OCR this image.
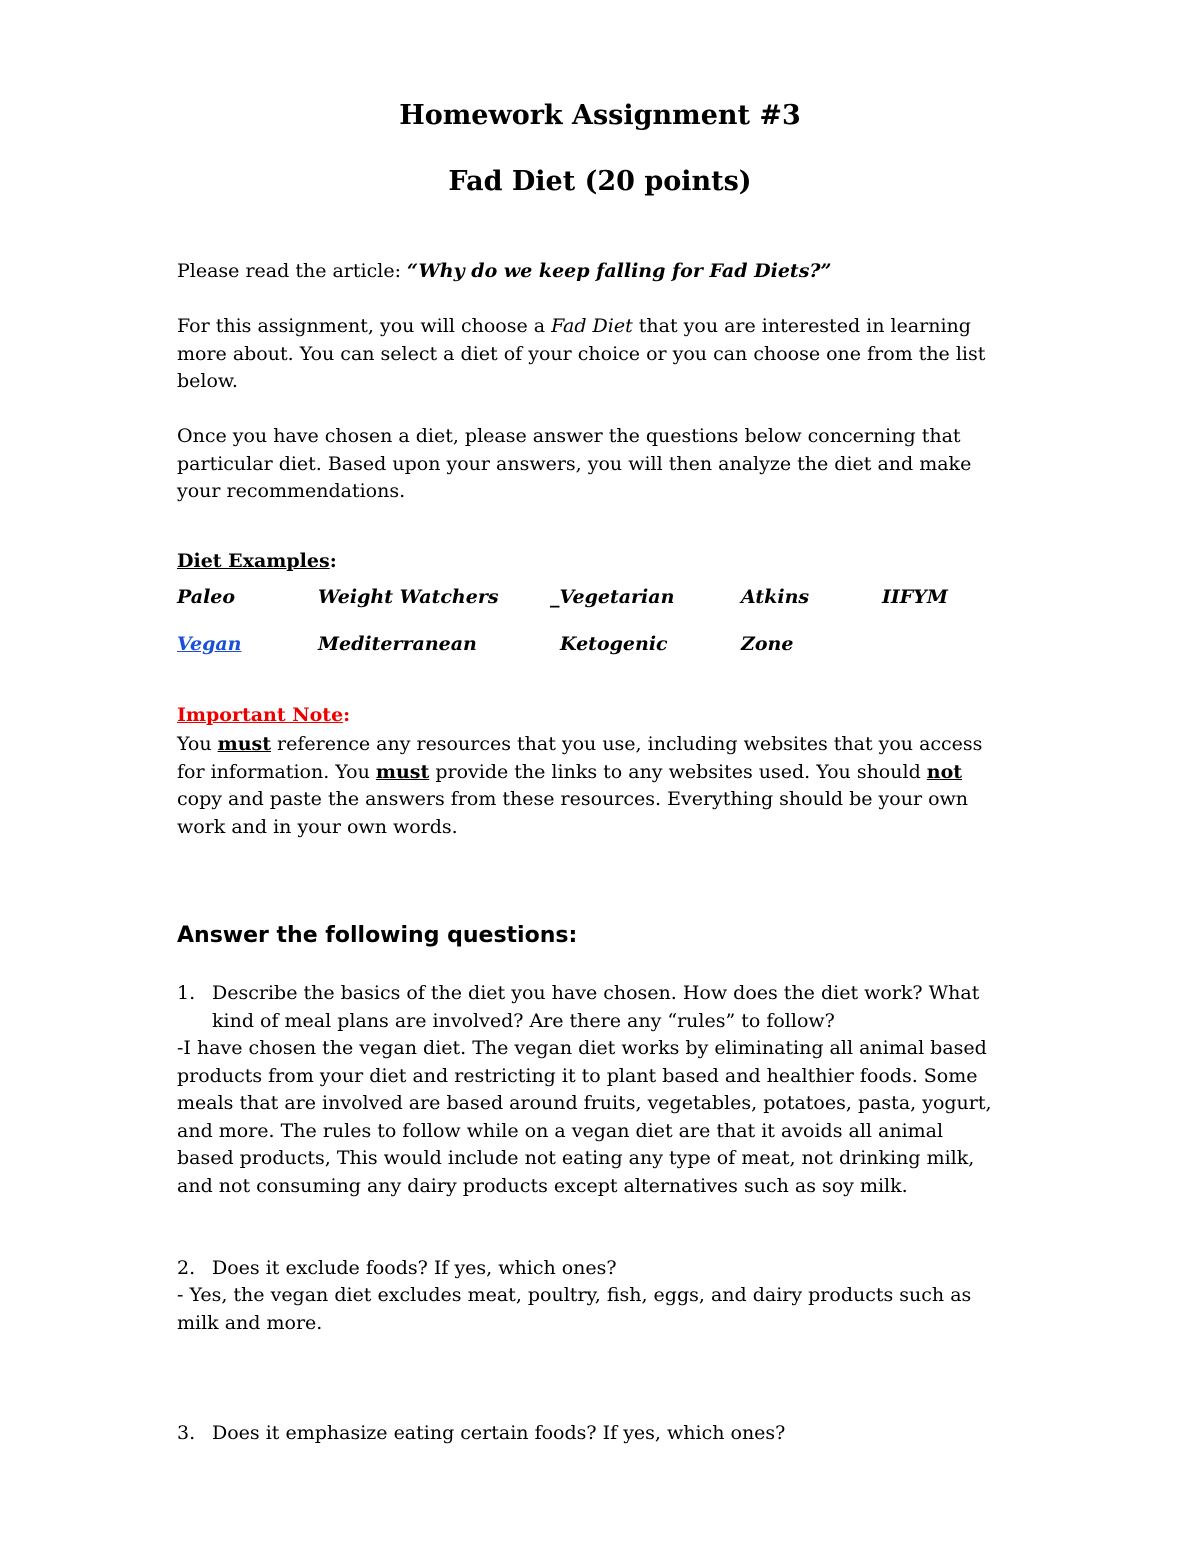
Homework Assignment #3
Fad Diet (20 points)
Please read the article: “Why do we keep falling for Fad Diets?”
For this assignment, you will choose a Fad Diet that you are interested in learning
more about. You can select a diet of your choice or you can choose one from the list
below.
Once you have chosen a diet, please answer the questions below concerning that
particular diet. Based upon your answers, you will then analyze the diet and make
your recommendations.
Diet Examples:
Paleo	Weight Watchers	_Vegetarian	Atkins	IIFYM
Vegan	Mediterranean	Ketogenic	Zone
Important Note:
You must reference any resources that you use, including websites that you access
for information. You must provide the links to any websites used. You should not
copy and paste the answers from these resources. Everything should be your own
work and in your own words.
Answer the following questions:
1. Describe the basics of the diet you have chosen. How does the diet work? What
kind of meal plans are involved? Are there any “rules” to follow?
-I have chosen the vegan diet. The vegan diet works by eliminating all animal based
products from your diet and restricting it to plant based and healthier foods. Some
meals that are involved are based around fruits, vegetables, potatoes, pasta, yogurt,
and more. The rules to follow while on a vegan diet are that it avoids all animal
based products, This would include not eating any type of meat, not drinking milk,
and not consuming any dairy products except alternatives such as soy milk.
2. Does it exclude foods? If yes, which ones?
- Yes, the vegan diet excludes meat, poultry, fish, eggs, and dairy products such as
milk and more.
3. Does it emphasize eating certain foods? If yes, which ones?
